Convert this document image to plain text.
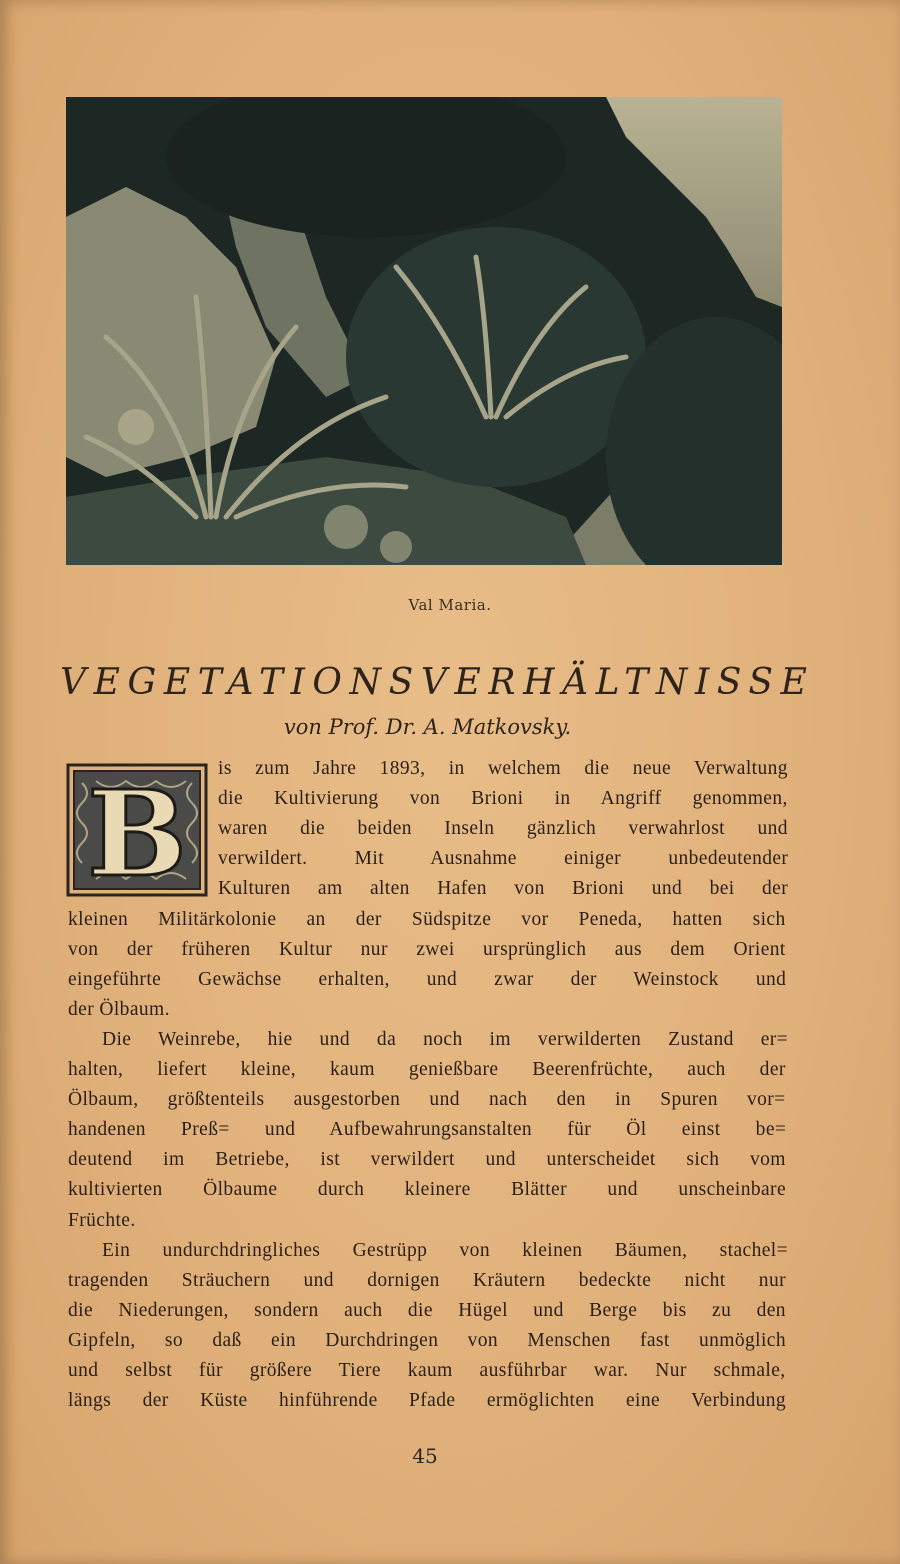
Val Maria.
VEGETATIONSVERHÄLTNISSE
von Prof. Dr. A. Matkovsky.
B is zum Jahre 1893, in welchem die neue Verwaltung
die Kultivierung von Brioni in Angriff genommen,
waren die beiden Inseln gänzlich verwahrlost und
verwildert. Mit Ausnahme einiger unbedeutender
Kulturen am alten Hafen von Brioni und bei der
kleinen Militärkolonie an der Südspitze vor Peneda, hatten sich
von der früheren Kultur nur zwei ursprünglich aus dem Orient
eingeführte Gewächse erhalten, und zwar der Weinstock und
der Ölbaum.
Die Weinrebe, hie und da noch im verwilderten Zustand er=
halten, liefert kleine, kaum genießbare Beerenfrüchte, auch der
Ölbaum, größtenteils ausgestorben und nach den in Spuren vor=
handenen Preß= und Aufbewahrungsanstalten für Öl einst be=
deutend im Betriebe, ist verwildert und unterscheidet sich vom
kultivierten Ölbaume durch kleinere Blätter und unscheinbare
Früchte.
Ein undurchdringliches Gestrüpp von kleinen Bäumen, stachel=
tragenden Sträuchern und dornigen Kräutern bedeckte nicht nur
die Niederungen, sondern auch die Hügel und Berge bis zu den
Gipfeln, so daß ein Durchdringen von Menschen fast unmöglich
und selbst für größere Tiere kaum ausführbar war. Nur schmale,
längs der Küste hinführende Pfade ermöglichten eine Verbindung
45
